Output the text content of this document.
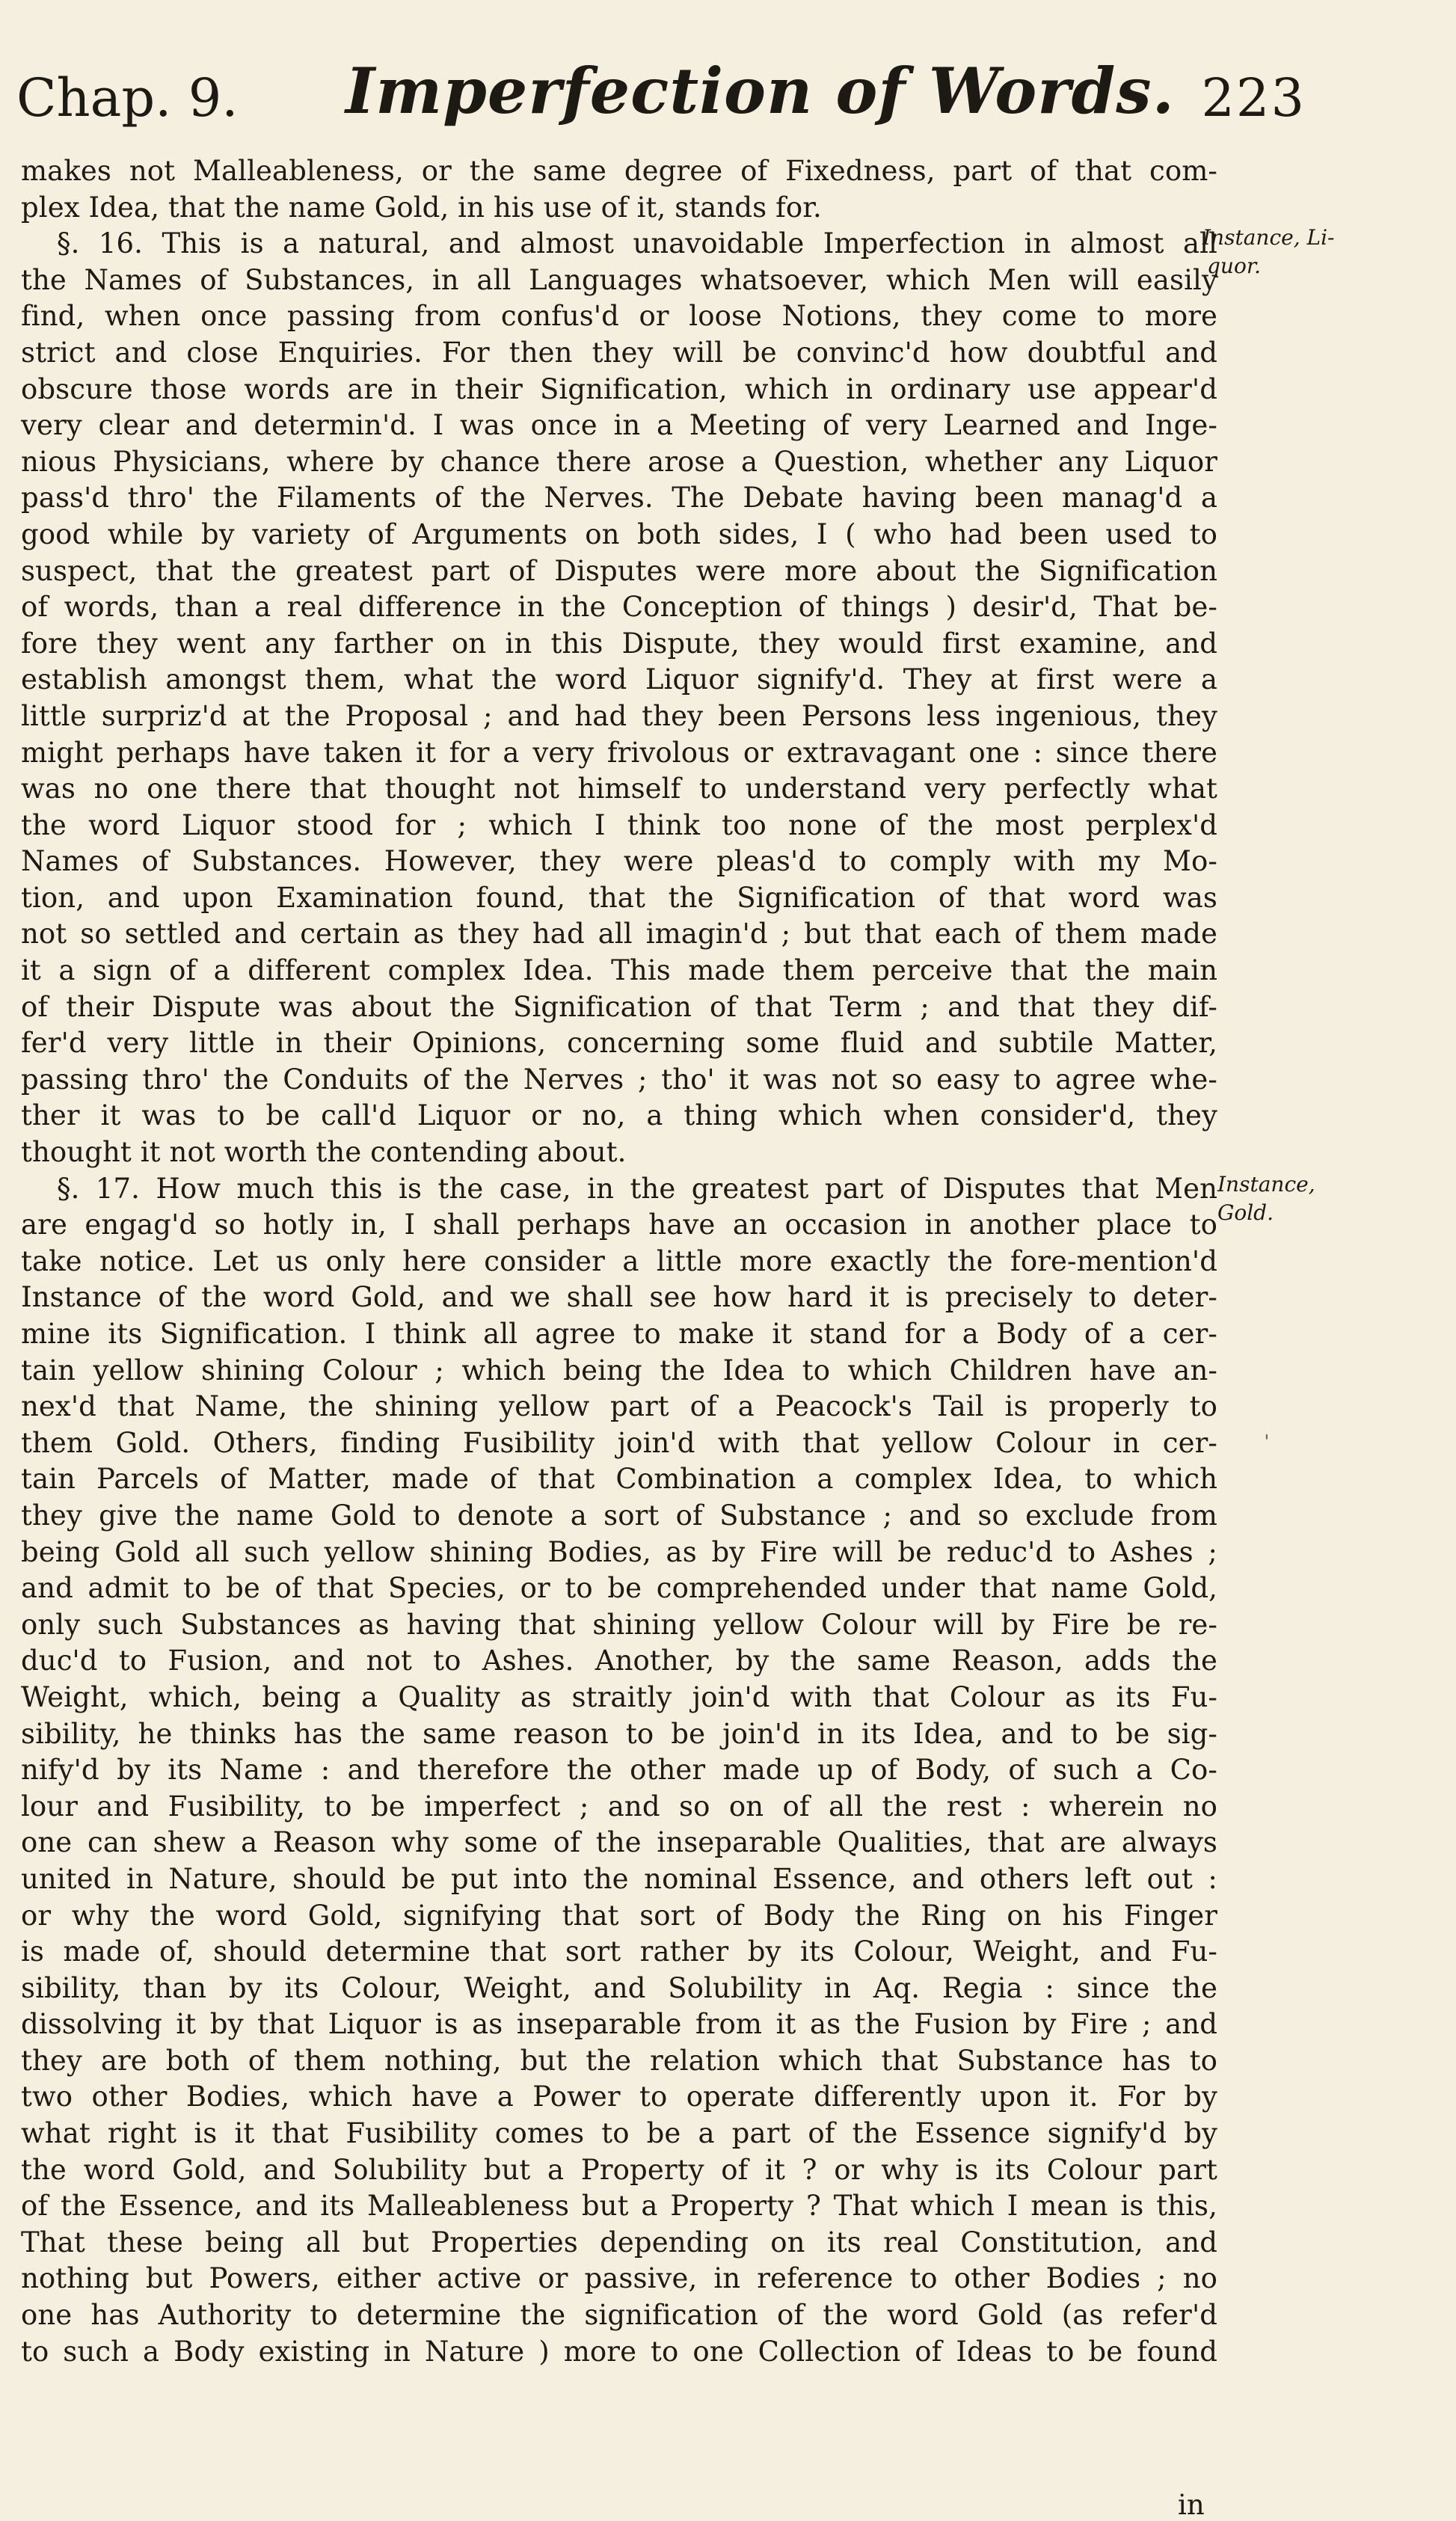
Chap. 9. Imperfection of Words. 223
makes not Malleableness, or the same degree of Fixedness, part of that com-
plex Idea, that the name Gold, in his use of it, stands for.
§. 16. This is a natural, and almost unavoidable Imperfection in almost all
the Names of Substances, in all Languages whatsoever, which Men will easily
find, when once passing from confus'd or loose Notions, they come to more
strict and close Enquiries. For then they will be convinc'd how doubtful and
obscure those words are in their Signification, which in ordinary use appear'd
very clear and determin'd. I was once in a Meeting of very Learned and Inge-
nious Physicians, where by chance there arose a Question, whether any Liquor
pass'd thro' the Filaments of the Nerves. The Debate having been manag'd a
good while by variety of Arguments on both sides, I ( who had been used to
suspect, that the greatest part of Disputes were more about the Signification
of words, than a real difference in the Conception of things ) desir'd, That be-
fore they went any farther on in this Dispute, they would first examine, and
establish amongst them, what the word Liquor signify'd. They at first were a
little surpriz'd at the Proposal ; and had they been Persons less ingenious, they
might perhaps have taken it for a very frivolous or extravagant one : since there
was no one there that thought not himself to understand very perfectly what
the word Liquor stood for ; which I think too none of the most perplex'd
Names of Substances. However, they were pleas'd to comply with my Mo-
tion, and upon Examination found, that the Signification of that word was
not so settled and certain as they had all imagin'd ; but that each of them made
it a sign of a different complex Idea. This made them perceive that the main
of their Dispute was about the Signification of that Term ; and that they dif-
fer'd very little in their Opinions, concerning some fluid and subtile Matter,
passing thro' the Conduits of the Nerves ; tho' it was not so easy to agree whe-
ther it was to be call'd Liquor or no, a thing which when consider'd, they
thought it not worth the contending about.
§. 17. How much this is the case, in the greatest part of Disputes that Men
are engag'd so hotly in, I shall perhaps have an occasion in another place to
take notice. Let us only here consider a little more exactly the fore-mention'd
Instance of the word Gold, and we shall see how hard it is precisely to deter-
mine its Signification. I think all agree to make it stand for a Body of a cer-
tain yellow shining Colour ; which being the Idea to which Children have an-
nex'd that Name, the shining yellow part of a Peacock's Tail is properly to
them Gold. Others, finding Fusibility join'd with that yellow Colour in cer-
tain Parcels of Matter, made of that Combination a complex Idea, to which
they give the name Gold to denote a sort of Substance ; and so exclude from
being Gold all such yellow shining Bodies, as by Fire will be reduc'd to Ashes ;
and admit to be of that Species, or to be comprehended under that name Gold,
only such Substances as having that shining yellow Colour will by Fire be re-
duc'd to Fusion, and not to Ashes. Another, by the same Reason, adds the
Weight, which, being a Quality as straitly join'd with that Colour as its Fu-
sibility, he thinks has the same reason to be join'd in its Idea, and to be sig-
nify'd by its Name : and therefore the other made up of Body, of such a Co-
lour and Fusibility, to be imperfect ; and so on of all the rest : wherein no
one can shew a Reason why some of the inseparable Qualities, that are always
united in Nature, should be put into the nominal Essence, and others left out :
or why the word Gold, signifying that sort of Body the Ring on his Finger
is made of, should determine that sort rather by its Colour, Weight, and Fu-
sibility, than by its Colour, Weight, and Solubility in Aq. Regia : since the
dissolving it by that Liquor is as inseparable from it as the Fusion by Fire ; and
they are both of them nothing, but the relation which that Substance has to
two other Bodies, which have a Power to operate differently upon it. For by
what right is it that Fusibility comes to be a part of the Essence signify'd by
the word Gold, and Solubility but a Property of it ? or why is its Colour part
of the Essence, and its Malleableness but a Property ? That which I mean is this,
That these being all but Properties depending on its real Constitution, and
nothing but Powers, either active or passive, in reference to other Bodies ; no
one has Authority to determine the signification of the word Gold (as refer'd
to such a Body existing in Nature ) more to one Collection of Ideas to be found
Instance, Li-
quor.
Instance,
Gold.
ˌ
in
